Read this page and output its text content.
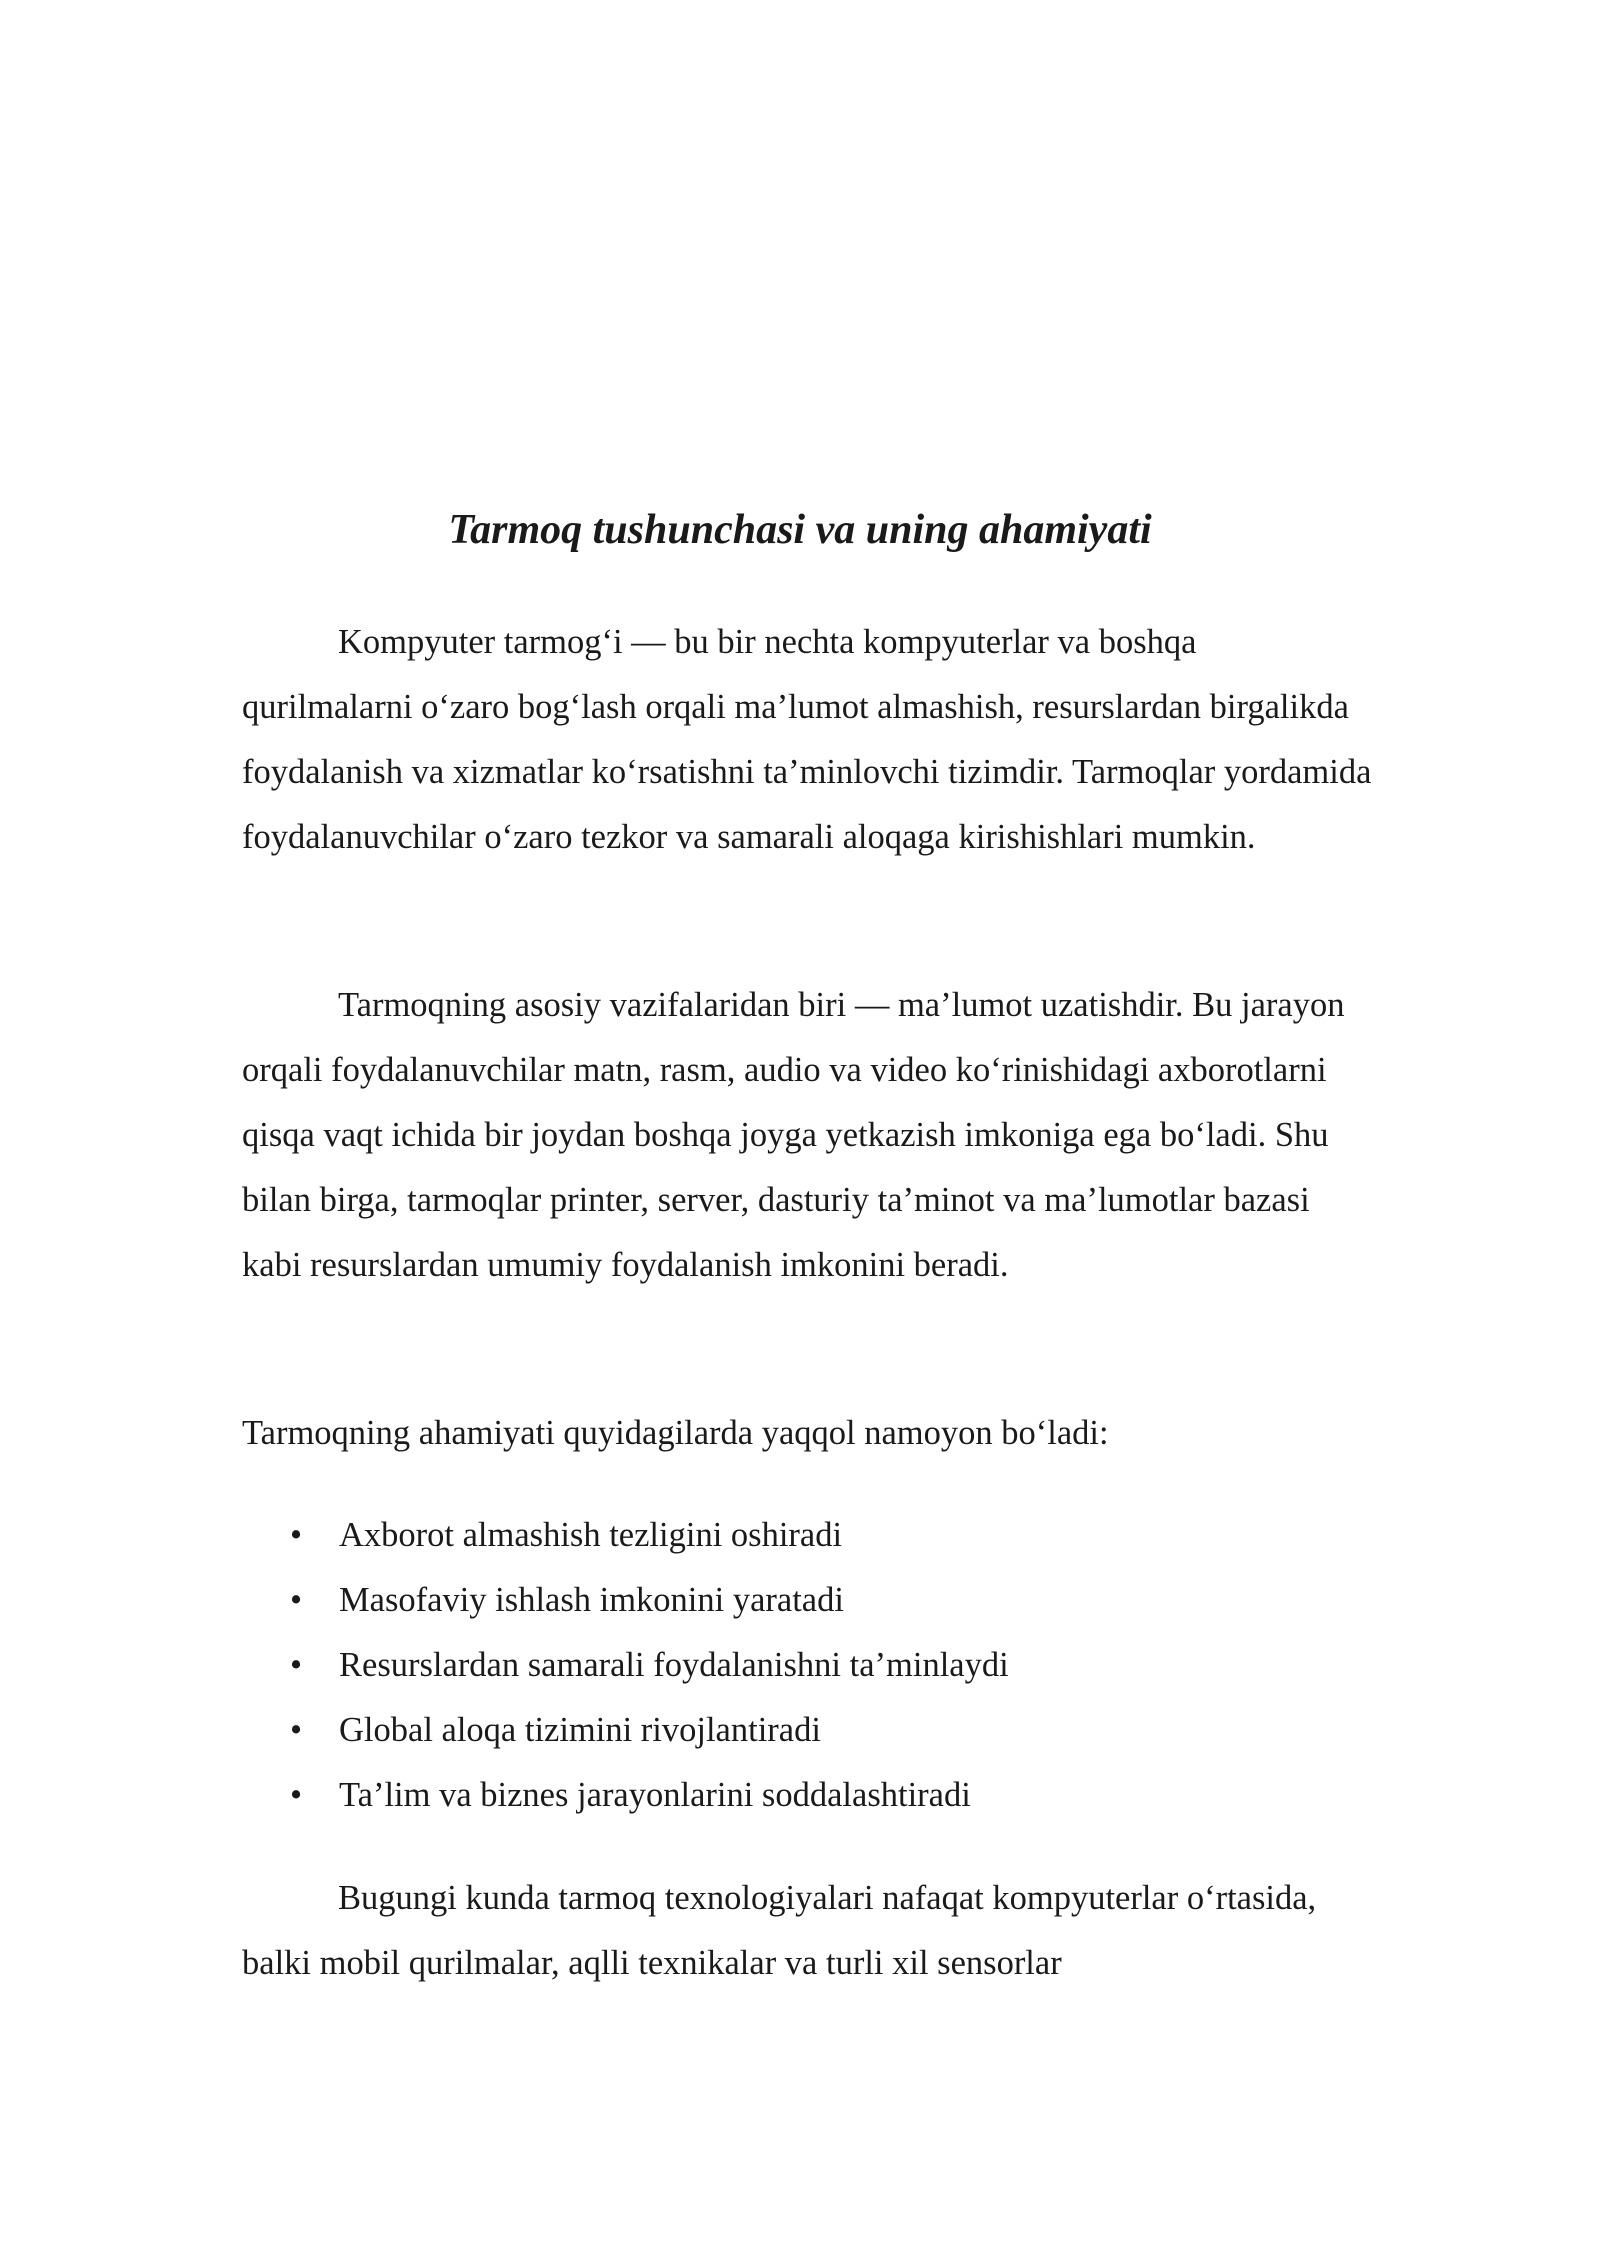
Tarmoq tushunchasi va uning ahamiyati

Kompyuter tarmog‘i — bu bir nechta kompyuterlar va boshqa qurilmalarni o‘zaro bog‘lash orqali ma’lumot almashish, resurslardan birgalikda foydalanish va xizmatlar ko‘rsatishni ta’minlovchi tizimdir. Tarmoqlar yordamida foydalanuvchilar o‘zaro tezkor va samarali aloqaga kirishishlari mumkin.

Tarmoqning asosiy vazifalaridan biri — ma’lumot uzatishdir. Bu jarayon orqali foydalanuvchilar matn, rasm, audio va video ko‘rinishidagi axborotlarni qisqa vaqt ichida bir joydan boshqa joyga yetkazish imkoniga ega bo‘ladi. Shu bilan birga, tarmoqlar printer, server, dasturiy ta’minot va ma’lumotlar bazasi kabi resurslardan umumiy foydalanish imkonini beradi.

Tarmoqning ahamiyati quyidagilarda yaqqol namoyon bo‘ladi:

• Axborot almashish tezligini oshiradi
• Masofaviy ishlash imkonini yaratadi
• Resurslardan samarali foydalanishni ta’minlaydi
• Global aloqa tizimini rivojlantiradi
• Ta’lim va biznes jarayonlarini soddalashtiradi

Bugungi kunda tarmoq texnologiyalari nafaqat kompyuterlar o‘rtasida, balki mobil qurilmalar, aqlli texnikalar va turli xil sensorlar
